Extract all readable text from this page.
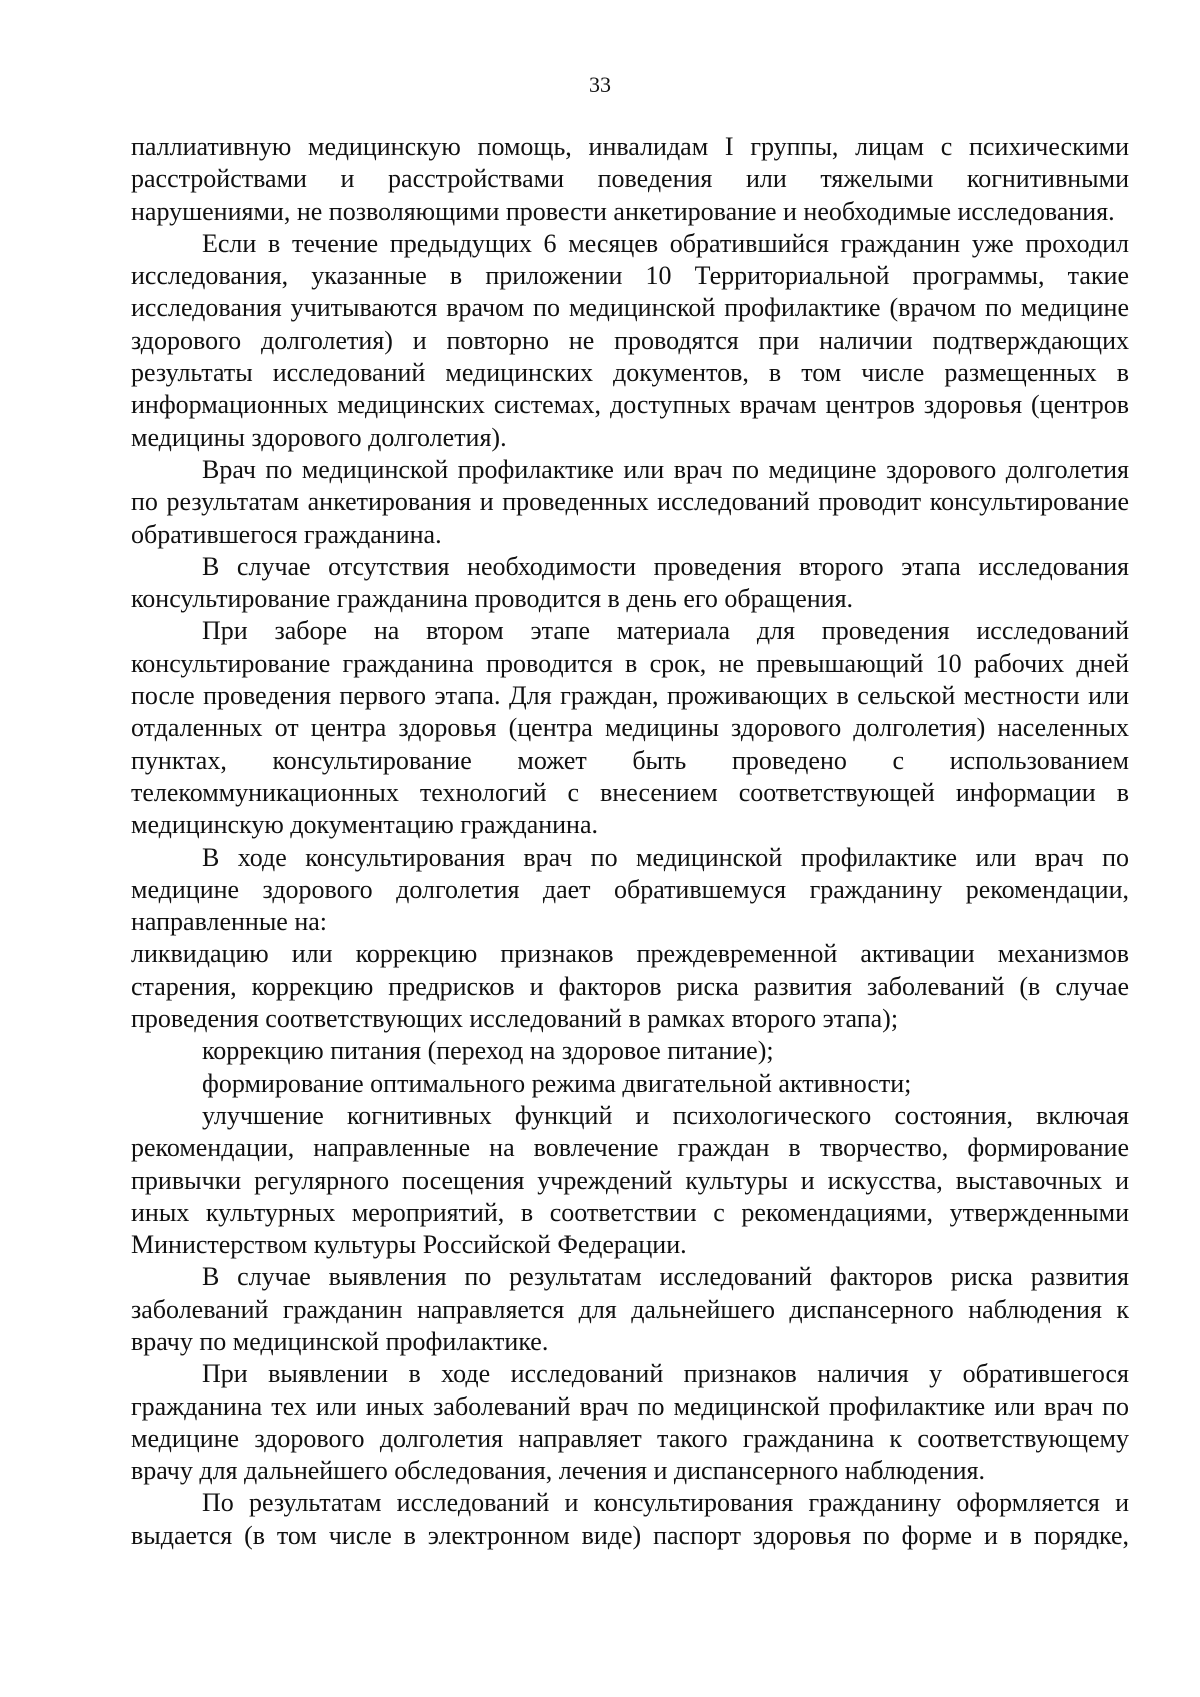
33

паллиативную медицинскую помощь, инвалидам I группы, лицам с психическими расстройствами и расстройствами поведения или тяжелыми когнитивными нарушениями, не позволяющими провести анкетирование и необходимые исследования.

Если в течение предыдущих 6 месяцев обратившийся гражданин уже проходил исследования, указанные в приложении 10 Территориальной программы, такие исследования учитываются врачом по медицинской профилактике (врачом по медицине здорового долголетия) и повторно не проводятся при наличии подтверждающих результаты исследований медицинских документов, в том числе размещенных в информационных медицинских системах, доступных врачам центров здоровья (центров медицины здорового долголетия).

Врач по медицинской профилактике или врач по медицине здорового долголетия по результатам анкетирования и проведенных исследований проводит консультирование обратившегося гражданина.

В случае отсутствия необходимости проведения второго этапа исследования консультирование гражданина проводится в день его обращения.

При заборе на втором этапе материала для проведения исследований консультирование гражданина проводится в срок, не превышающий 10 рабочих дней после проведения первого этапа. Для граждан, проживающих в сельской местности или отдаленных от центра здоровья (центра медицины здорового долголетия) населенных пунктах, консультирование может быть проведено с использованием телекоммуникационных технологий с внесением соответствующей информации в медицинскую документацию гражданина.

В ходе консультирования врач по медицинской профилактике или врач по медицине здорового долголетия дает обратившемуся гражданину рекомендации, направленные на:

ликвидацию или коррекцию признаков преждевременной активации механизмов старения, коррекцию предрисков и факторов риска развития заболеваний (в случае проведения соответствующих исследований в рамках второго этапа);

коррекцию питания (переход на здоровое питание);

формирование оптимального режима двигательной активности;

улучшение когнитивных функций и психологического состояния, включая рекомендации, направленные на вовлечение граждан в творчество, формирование привычки регулярного посещения учреждений культуры и искусства, выставочных и иных культурных мероприятий, в соответствии с рекомендациями, утвержденными Министерством культуры Российской Федерации.

В случае выявления по результатам исследований факторов риска развития заболеваний гражданин направляется для дальнейшего диспансерного наблюдения к врачу по медицинской профилактике.

При выявлении в ходе исследований признаков наличия у обратившегося гражданина тех или иных заболеваний врач по медицинской профилактике или врач по медицине здорового долголетия направляет такого гражданина к соответствующему врачу для дальнейшего обследования, лечения и диспансерного наблюдения.

По результатам исследований и консультирования гражданину оформляется и выдается (в том числе в электронном виде) паспорт здоровья по форме и в порядке,
